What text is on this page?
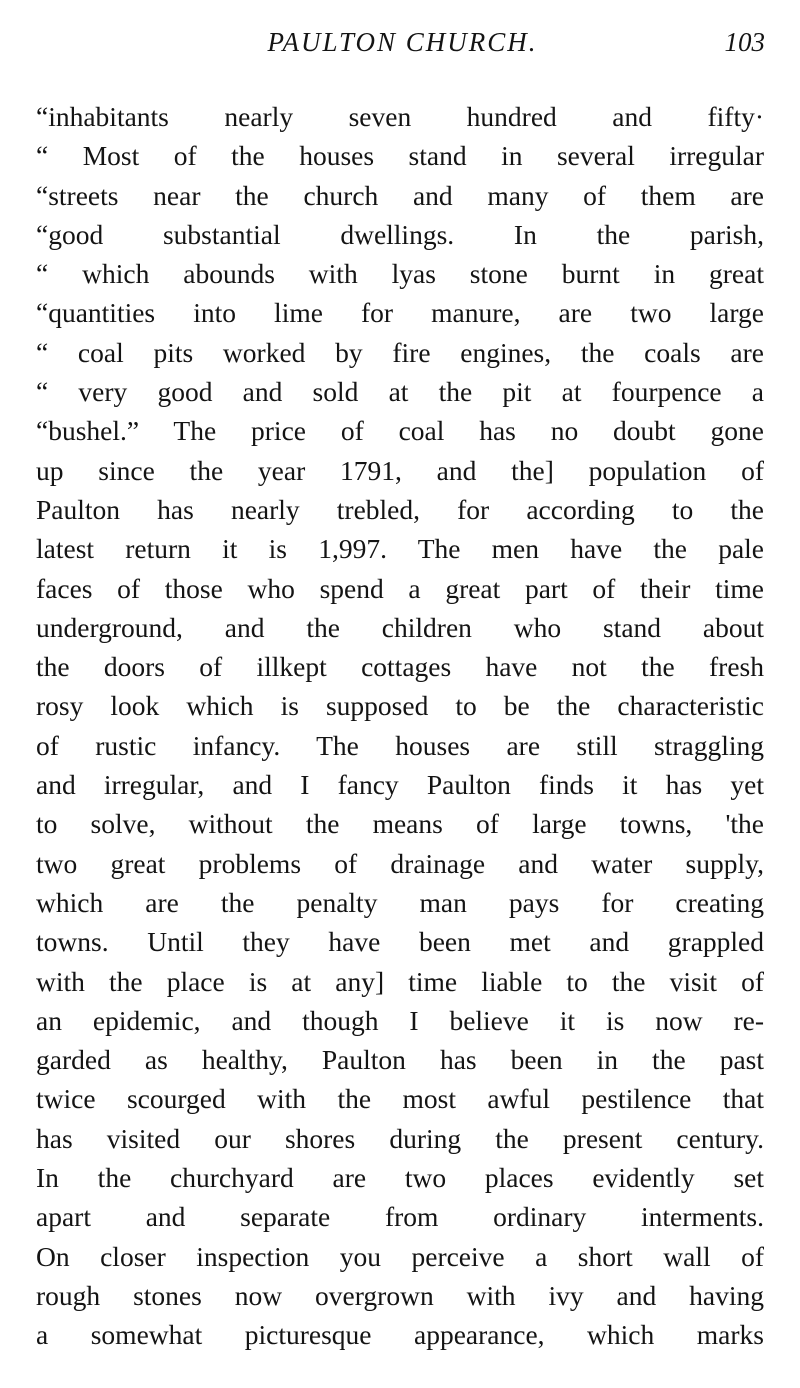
PAULTON CHURCH.	103
“inhabitants nearly seven hundred and fifty·
“ Most of the houses stand in several irregular
“streets near the church and many of them are
“good substantial dwellings. In the parish,
“ which abounds with lyas stone burnt in great
“quantities into lime for manure, are two large
“ coal pits worked by fire engines, the coals are
“ very good and sold at the pit at fourpence a
“bushel.” The price of coal has no doubt gone
up since the year 1791, and the] population of
Paulton has nearly trebled, for according to the
latest return it is 1,997. The men have the pale
faces of those who spend a great part of their time
underground, and the children who stand about
the doors of illkept cottages have not the fresh
rosy look which is supposed to be the characteristic
of rustic infancy. The houses are still straggling
and irregular, and I fancy Paulton finds it has yet
to solve, without the means of large towns, 'the
two great problems of drainage and water supply,
which are the penalty man pays for creating
towns. Until they have been met and grappled
with the place is at any] time liable to the visit of
an epidemic, and though I believe it is now re-
garded as healthy, Paulton has been in the past
twice scourged with the most awful pestilence that
has visited our shores during the present century.
In the churchyard are two places evidently set
apart and separate from ordinary interments.
On closer inspection you perceive a short wall of
rough stones now overgrown with ivy and having
a somewhat picturesque appearance, which marks
